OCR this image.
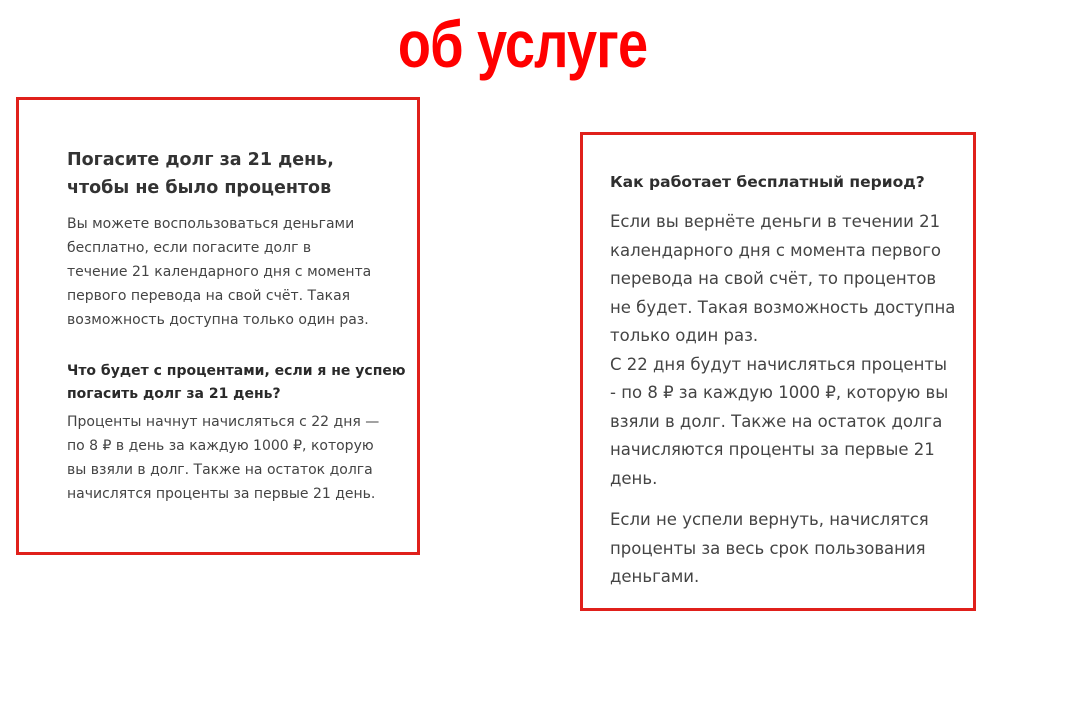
об услуге
Погасите долг за 21 день,
чтобы не было процентов

Вы можете воспользоваться деньгами
бесплатно, если погасите долг в
течение 21 календарного дня с момента
первого перевода на свой счёт. Такая
возможность доступна только один раз.

Что будет с процентами, если я не успею
погасить долг за 21 день?

Проценты начнут начисляться с 22 дня —
по 8 ₽ в день за каждую 1000 ₽, которую
вы взяли в долг. Также на остаток долга
начислятся проценты за первые 21 день.

Как работает бесплатный период?

Если вы вернёте деньги в течении 21
календарного дня с момента первого
перевода на свой счёт, то процентов
не будет. Такая возможность доступна
только один раз.

С 22 дня будут начисляться проценты
- по 8 ₽ за каждую 1000 ₽, которую вы
взяли в долг. Также на остаток долга
начисляются проценты за первые 21
день.

Если не успели вернуть, начислятся
проценты за весь срок пользования
деньгами.
